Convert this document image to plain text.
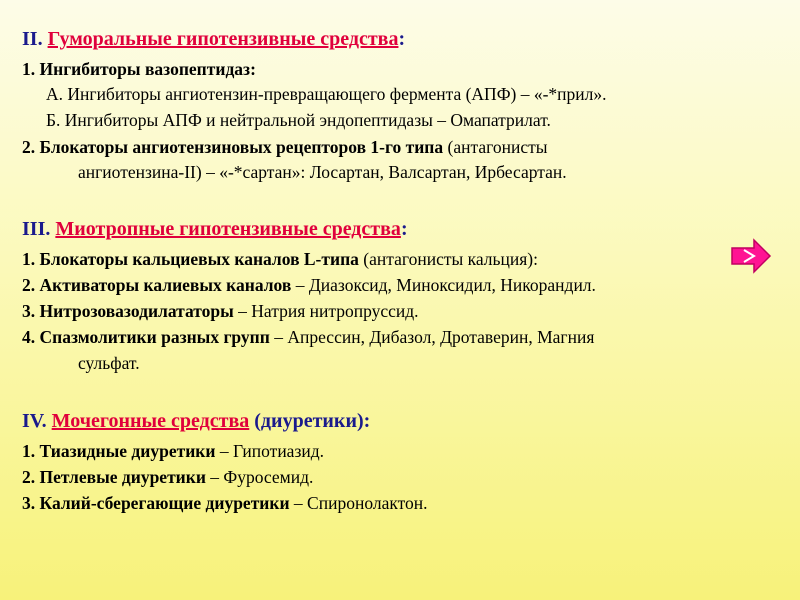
II. Гуморальные гипотензивные средства:
1. Ингибиторы вазопептидаз:
А. Ингибиторы ангиотензин-превращающего фермента (АПФ) – «-*прил».
Б. Ингибиторы АПФ и нейтральной эндопептидазы – Омапатрилат.
2. Блокаторы ангиотензиновых рецепторов 1-го типа (антагонисты
ангиотензина-II) – «-*сартан»: Лосартан, Валсартан, Ирбесартан.
III. Миотропные гипотензивные средства:
1. Блокаторы кальциевых каналов L-типа (антагонисты кальция):
2. Активаторы калиевых каналов – Диазоксид, Миноксидил, Никорандил.
3. Нитрозовазодилататоры – Натрия нитропруссид.
4. Спазмолитики разных групп – Апрессин, Дибазол, Дротаверин, Магния
сульфат.
IV. Мочегонные средства (диуретики):
1. Тиазидные диуретики – Гипотиазид.
2. Петлевые диуретики – Фуросемид.
3. Калий-сберегающие диуретики – Спиронолактон.
